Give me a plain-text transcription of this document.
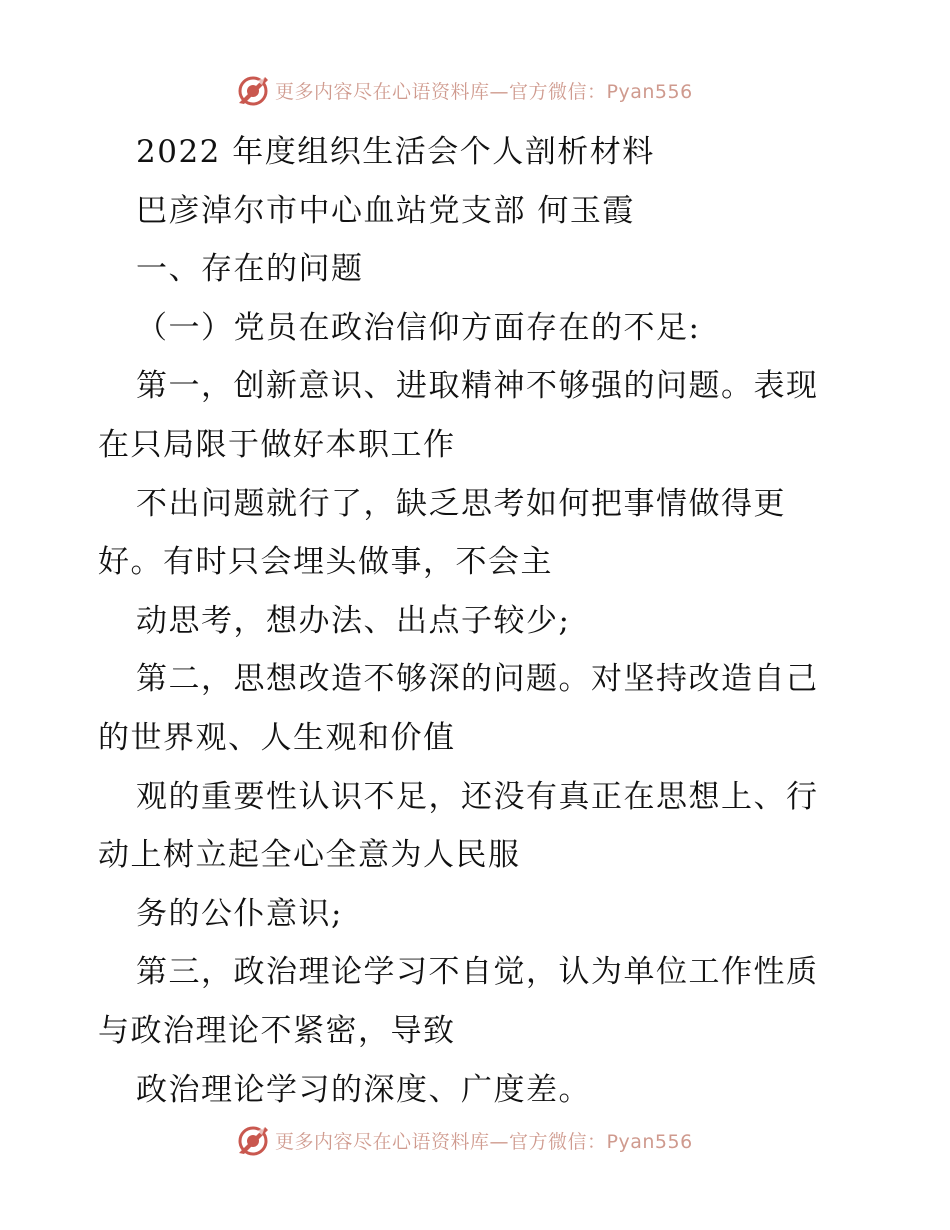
更多内容尽在心语资料库—官方微信：Pyan556

2022 年度组织生活会个人剖析材料

巴彦淖尔市中心血站党支部 何玉霞

一、存在的问题

（一）党员在政治信仰方面存在的不足:

第一，创新意识、进取精神不够强的问题。表现

在只局限于做好本职工作

不出问题就行了，缺乏思考如何把事情做得更

好。有时只会埋头做事，不会主

动思考，想办法、出点子较少;

第二，思想改造不够深的问题。对坚持改造自己

的世界观、人生观和价值

观的重要性认识不足，还没有真正在思想上、行

动上树立起全心全意为人民服

务的公仆意识;

第三，政治理论学习不自觉，认为单位工作性质

与政治理论不紧密，导致

政治理论学习的深度、广度差。

更多内容尽在心语资料库—官方微信：Pyan556
